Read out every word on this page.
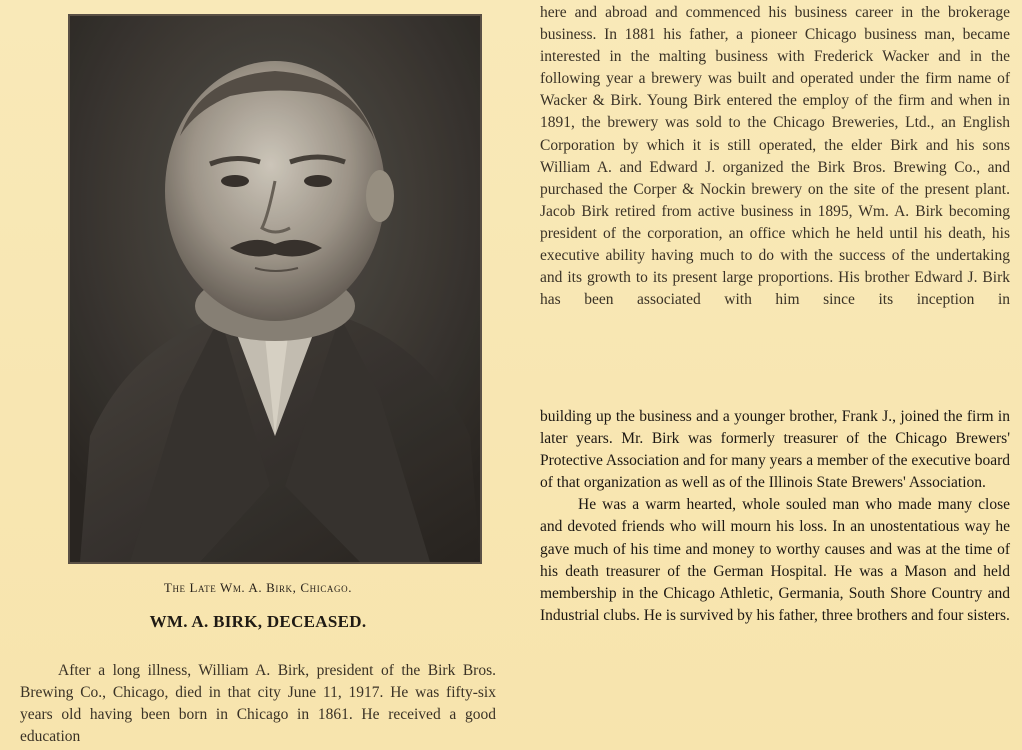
The Late Wm. A. Birk, Chicago.
WM. A. BIRK, DECEASED.
After a long illness, William A. Birk, president of the Birk Bros. Brewing Co., Chicago, died in that city June 11, 1917. He was fifty-six years old having been born in Chicago in 1861. He received a good education
here and abroad and commenced his business career in the brokerage business. In 1881 his father, a pioneer Chicago business man, became interested in the malting business with Frederick Wacker and in the following year a brewery was built and operated under the firm name of Wacker & Birk. Young Birk entered the employ of the firm and when in 1891, the brewery was sold to the Chicago Breweries, Ltd., an English Corporation by which it is still operated, the elder Birk and his sons William A. and Edward J. organized the Birk Bros. Brewing Co., and purchased the Corper & Nockin brewery on the site of the present plant. Jacob Birk retired from active business in 1895, Wm. A. Birk becoming president of the corporation, an office which he held until his death, his executive ability having much to do with the success of the undertaking and its growth to its present large proportions. His brother Edward J. Birk has been associated with him since its inception in

building up the business and a younger brother, Frank J., joined the firm in later years. Mr. Birk was formerly treasurer of the Chicago Brewers' Protective Association and for many years a member of the executive board of that organization as well as of the Illinois State Brewers' Association.

He was a warm hearted, whole souled man who made many close and devoted friends who will mourn his loss. In an unostentatious way he gave much of his time and money to worthy causes and was at the time of his death treasurer of the German Hospital. He was a Mason and held membership in the Chicago Athletic, Germania, South Shore Country and Industrial clubs. He is survived by his father, three brothers and four sisters.
